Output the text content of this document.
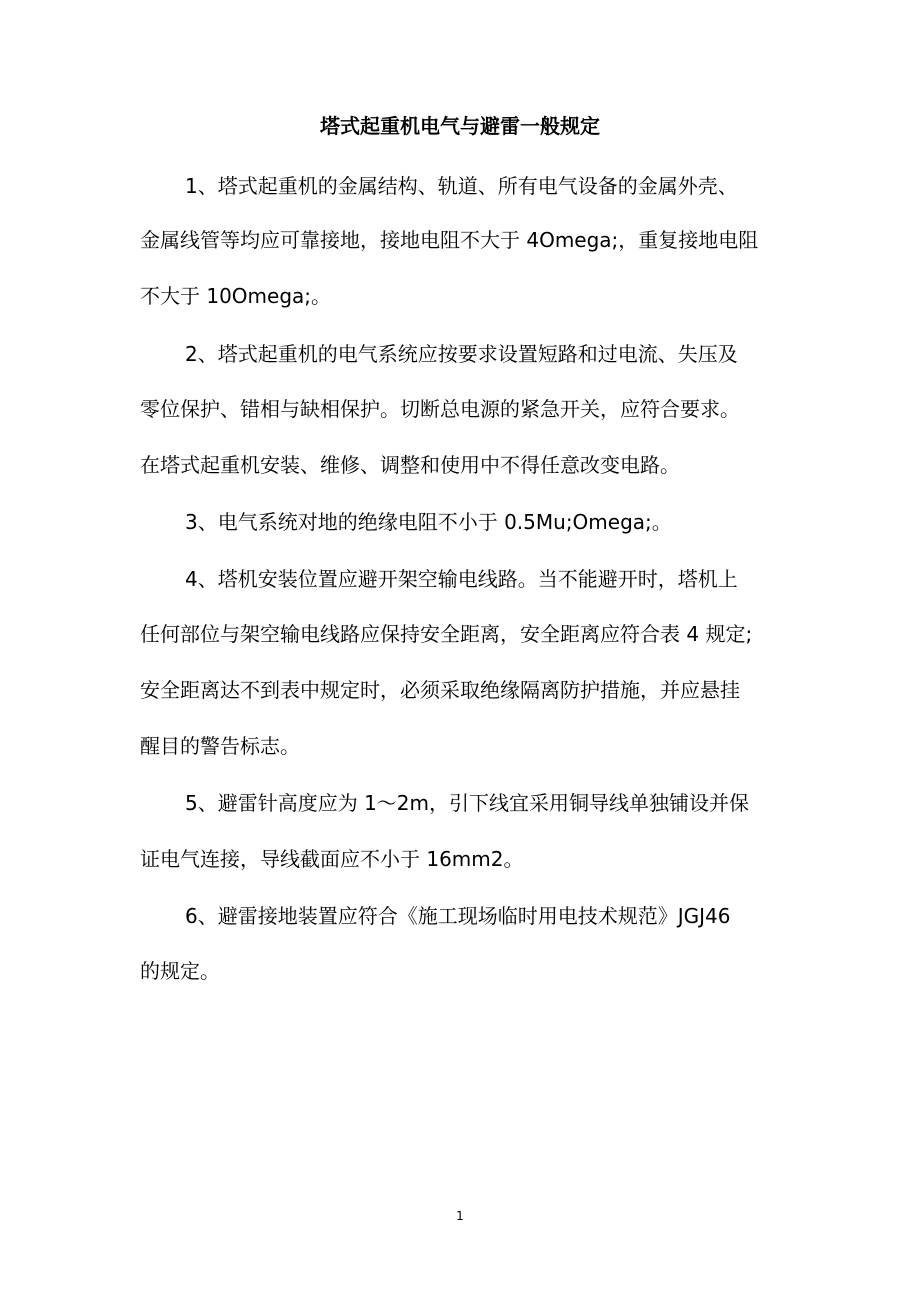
塔式起重机电气与避雷一般规定
1、塔式起重机的金属结构、轨道、所有电气设备的金属外壳、
金属线管等均应可靠接地，接地电阻不大于 4Omega;，重复接地电阻
不大于 10Omega;。
2、塔式起重机的电气系统应按要求设置短路和过电流、失压及
零位保护、错相与缺相保护。切断总电源的紧急开关，应符合要求。
在塔式起重机安装、维修、调整和使用中不得任意改变电路。
3、电气系统对地的绝缘电阻不小于 0.5Mu;Omega;。
4、塔机安装位置应避开架空输电线路。当不能避开时，塔机上
任何部位与架空输电线路应保持安全距离，安全距离应符合表 4 规定;
安全距离达不到表中规定时，必须采取绝缘隔离防护措施，并应悬挂
醒目的警告标志。
5、避雷针高度应为 1～2m，引下线宜采用铜导线单独铺设并保
证电气连接，导线截面应不小于 16mm2。
6、避雷接地装置应符合《施工现场临时用电技术规范》JGJ46
的规定。
1
